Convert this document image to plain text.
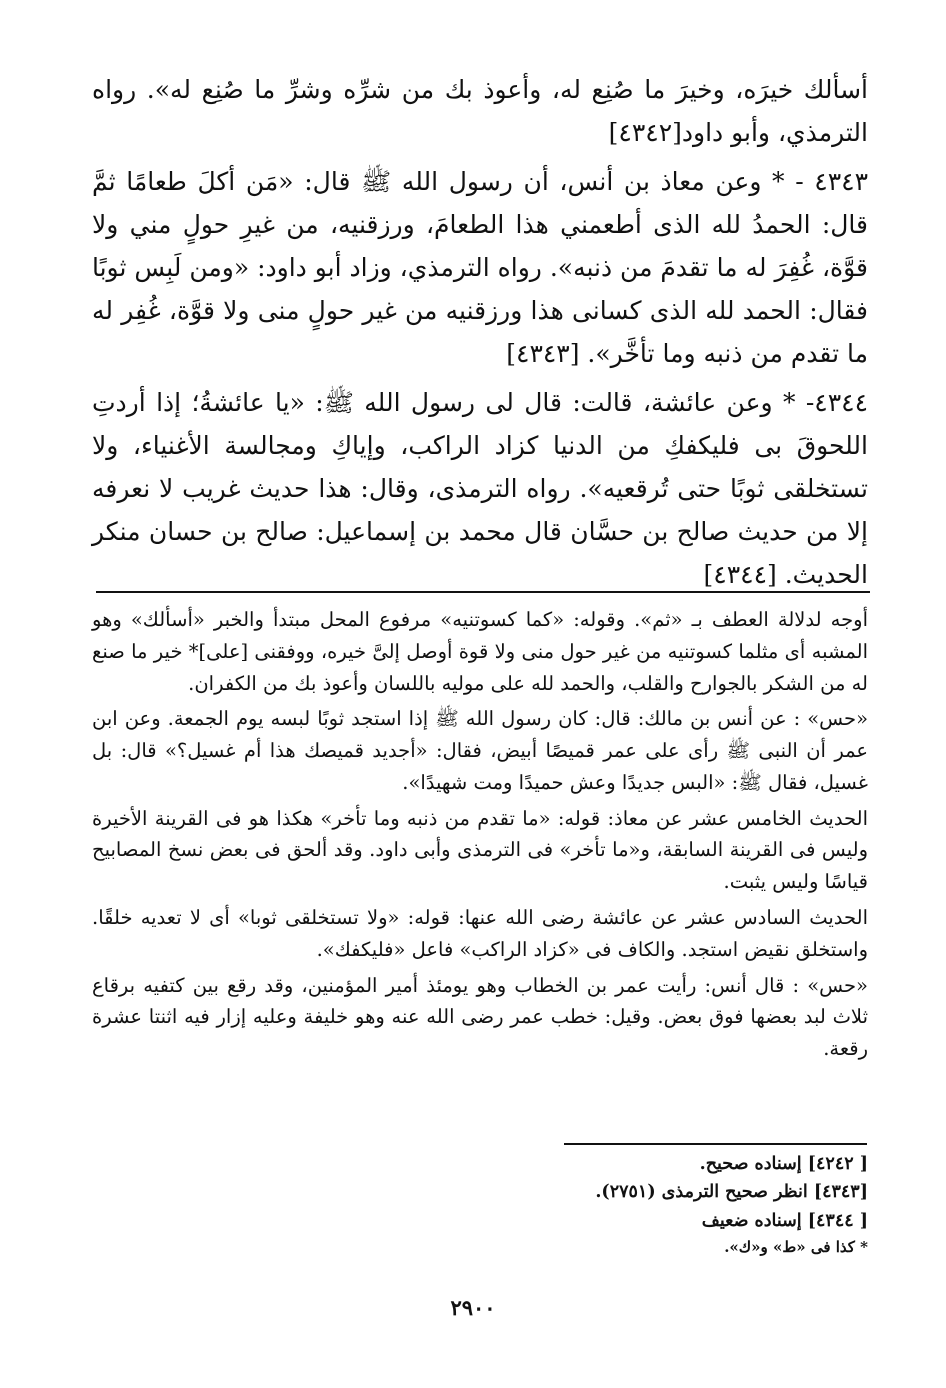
أسألك خيرَه، وخيرَ ما صُنِع له، وأعوذ بك من شرِّه وشرِّ ما صُنِع له». رواه الترمذي، وأبو داود[٤٣٤٢]

٤٣٤٣ - * وعن معاذ بن أنس، أن رسول الله ﷺ قال: «مَن أكلَ طعامًا ثمَّ قال: الحمدُ لله الذى أطعمني هذا الطعامَ، ورزقنيه، من غيرِ حولٍ مني ولا قوَّة، غُفِرَ له ما تقدمَ من ذنبه». رواه الترمذي، وزاد أبو داود: «ومن لَبِس ثوبًا فقال: الحمد لله الذى كسانى هذا ورزقنيه من غير حولٍ منى ولا قوَّة، غُفِر له ما تقدم من ذنبه وما تأخَّر». [٤٣٤٣]

٤٣٤٤- * وعن عائشة، قالت: قال لى رسول الله ﷺ: «يا عائشةُ؛ إذا أردتِ اللحوقَ بى فليكفكِ من الدنيا كزاد الراكب، وإياكِ ومجالسة الأغنياء، ولا تستخلقى ثوبًا حتى تُرقعيه». رواه الترمذى، وقال: هذا حديث غريب لا نعرفه إلا من حديث صالح بن حسَّان قال محمد بن إسماعيل: صالح بن حسان منكر الحديث. [٤٣٤٤]

أوجه لدلالة العطف بـ «ثم». وقوله: «كما كسوتنيه» مرفوع المحل مبتدأ والخبر «أسألك» وهو المشبه أى مثلما كسوتنيه من غير حول منى ولا قوة أوصل إلىَّ خيره، ووفقنى [على]* خير ما صنع له من الشكر بالجوارح والقلب، والحمد لله على موليه باللسان وأعوذ بك من الكفران.

«حس» : عن أنس بن مالك: قال: كان رسول الله ﷺ إذا استجد ثوبًا لبسه يوم الجمعة. وعن ابن عمر أن النبى ﷺ رأى على عمر قميصًا أبيض، فقال: «أجديد قميصك هذا أم غسيل؟» قال: بل غسيل، فقال ﷺ: «البس جديدًا وعش حميدًا ومت شهيدًا».

الحديث الخامس عشر عن معاذ: قوله: «ما تقدم من ذنبه وما تأخر» هكذا هو فى القرينة الأخيرة وليس فى القرينة السابقة، و«ما تأخر» فى الترمذى وأبى داود. وقد ألحق فى بعض نسخ المصابيح قياسًا وليس يثبت.

الحديث السادس عشر عن عائشة رضى الله عنها: قوله: «ولا تستخلقى ثوبا» أى لا تعديه خلقًا. واستخلق نقيض استجد. والكاف فى «كزاد الراكب» فاعل «فليكفك».

«حس» : قال أنس: رأيت عمر بن الخطاب وهو يومئذ أمير المؤمنين، وقد رقع بين كتفيه برقاع ثلاث لبد بعضها فوق بعض. وقيل: خطب عمر رضى الله عنه وهو خليفة وعليه إزار فيه اثنتا عشرة رقعة.

[ ٤٢٤٢] إسناده صحيح.
[٤٣٤٣] انظر صحيح الترمذى (٢٧٥١).
[ ٤٣٤٤] إسناده ضعيف
* كذا فى «ط» و«ك».
٢٩٠٠
